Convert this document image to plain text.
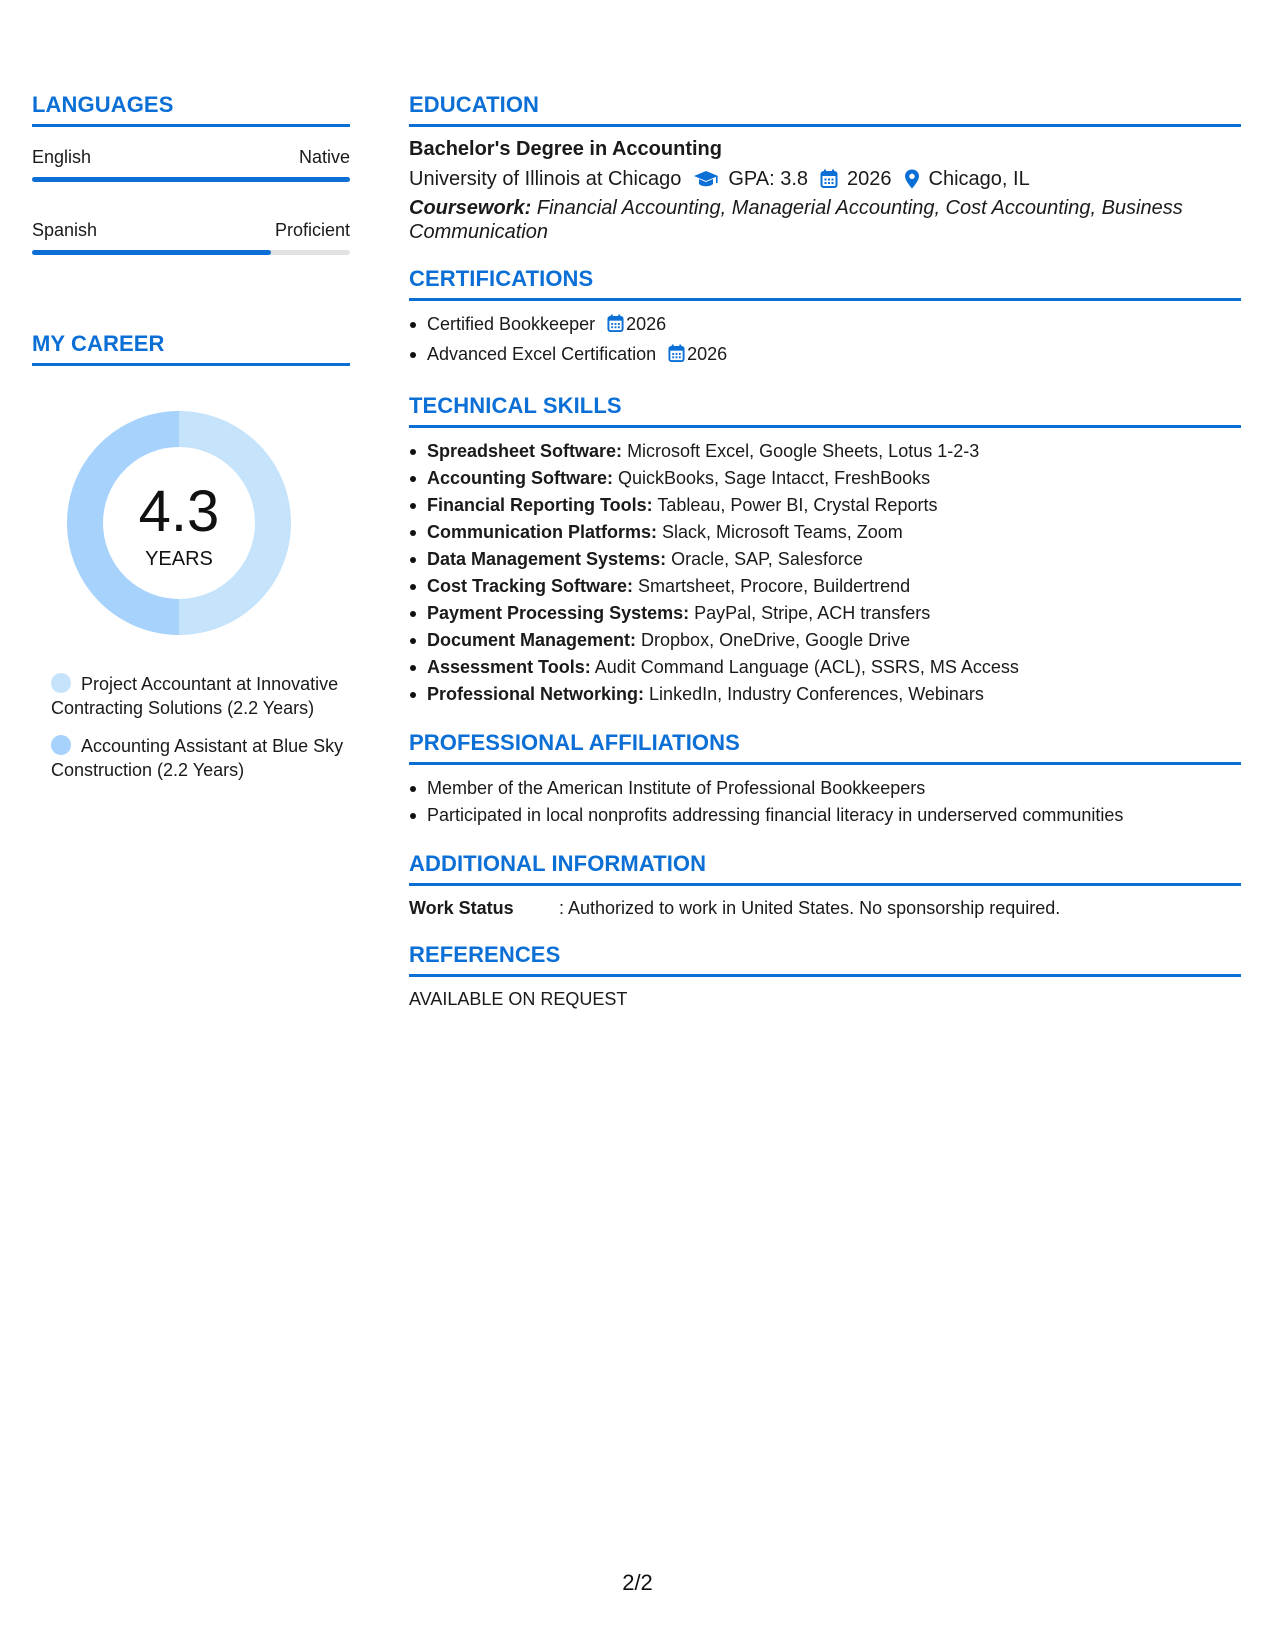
LANGUAGES
English	Native
Spanish	Proficient
MY CAREER
4.3
YEARS
Project Accountant at Innovative Contracting Solutions (2.2 Years)
Accounting Assistant at Blue Sky Construction (2.2 Years)
EDUCATION
Bachelor's Degree in Accounting
University of Illinois at Chicago GPA: 3.8 2026 Chicago, IL
Coursework: Financial Accounting, Managerial Accounting, Cost Accounting, Business Communication
CERTIFICATIONS
Certified Bookkeeper 2026
Advanced Excel Certification 2026
TECHNICAL SKILLS
Spreadsheet Software: Microsoft Excel, Google Sheets, Lotus 1-2-3
Accounting Software: QuickBooks, Sage Intacct, FreshBooks
Financial Reporting Tools: Tableau, Power BI, Crystal Reports
Communication Platforms: Slack, Microsoft Teams, Zoom
Data Management Systems: Oracle, SAP, Salesforce
Cost Tracking Software: Smartsheet, Procore, Buildertrend
Payment Processing Systems: PayPal, Stripe, ACH transfers
Document Management: Dropbox, OneDrive, Google Drive
Assessment Tools: Audit Command Language (ACL), SSRS, MS Access
Professional Networking: LinkedIn, Industry Conferences, Webinars
PROFESSIONAL AFFILIATIONS
Member of the American Institute of Professional Bookkeepers
Participated in local nonprofits addressing financial literacy in underserved communities
ADDITIONAL INFORMATION
Work Status	: Authorized to work in United States. No sponsorship required.
REFERENCES
AVAILABLE ON REQUEST
2/2
